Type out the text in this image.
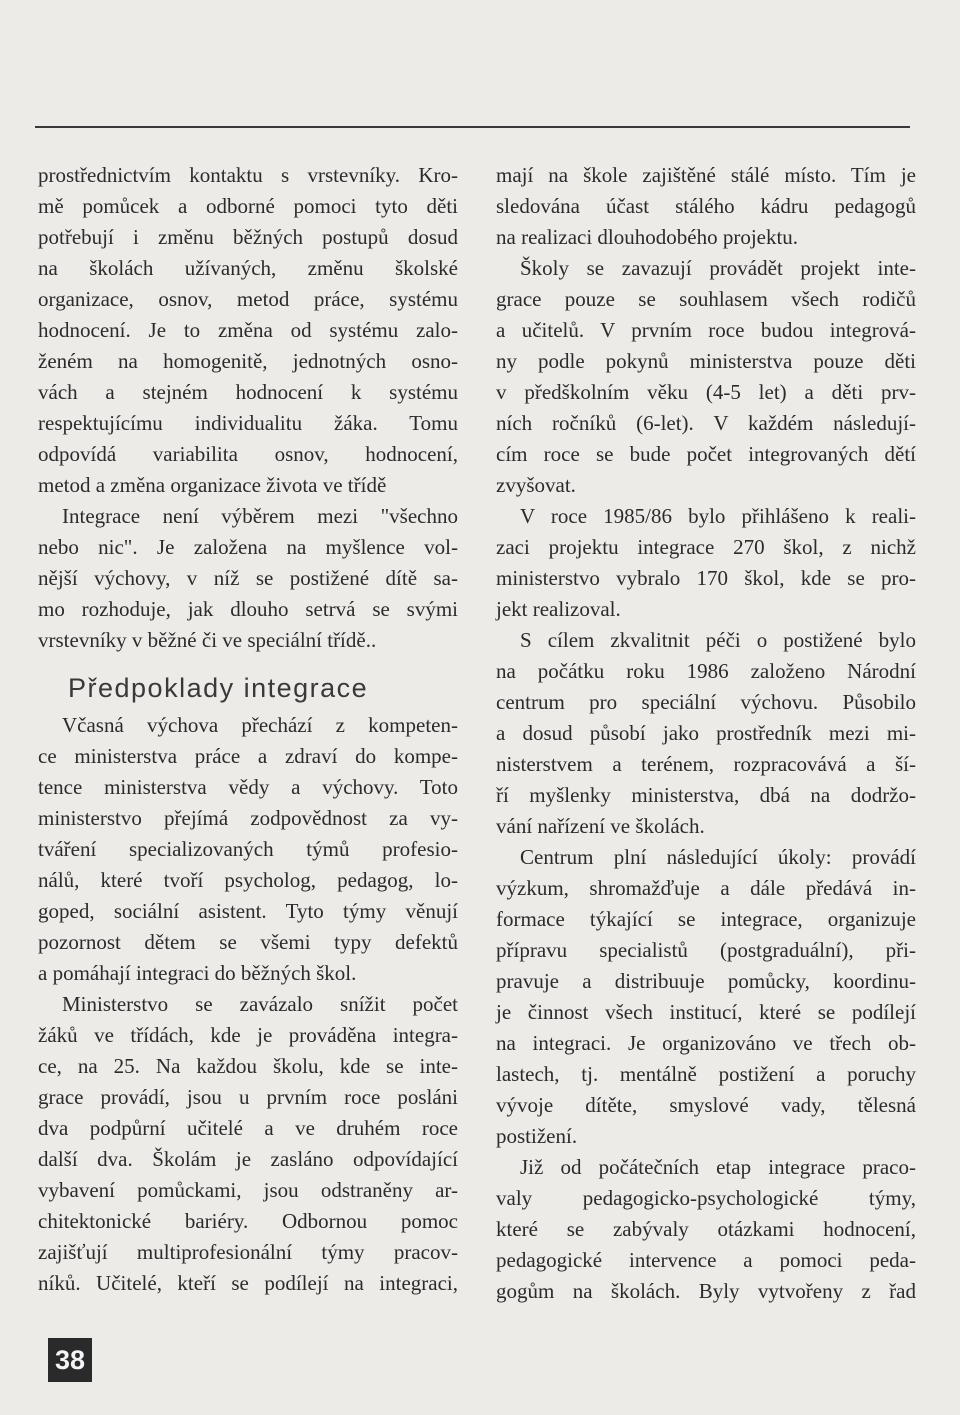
prostřednictvím kontaktu s vrstevníky. Kro-
mě pomůcek a odborné pomoci tyto děti
potřebují i změnu běžných postupů dosud
na školách užívaných, změnu školské
organizace, osnov, metod práce, systému
hodnocení. Je to změna od systému zalo-
ženém na homogenitě, jednotných osno-
vách a stejném hodnocení k systému
respektujícímu individualitu žáka. Tomu
odpovídá variabilita osnov, hodnocení,
metod a změna organizace života ve třídě
Integrace není výběrem mezi "všechno
nebo nic". Je založena na myšlence vol-
nější výchovy, v níž se postižené dítě sa-
mo rozhoduje, jak dlouho setrvá se svými
vrstevníky v běžné či ve speciální třídě..
Předpoklady integrace
Včasná výchova přechází z kompeten-
ce ministerstva práce a zdraví do kompe-
tence ministerstva vědy a výchovy. Toto
ministerstvo přejímá zodpovědnost za vy-
tváření specializovaných týmů profesio-
nálů, které tvoří psycholog, pedagog, lo-
goped, sociální asistent. Tyto týmy věnují
pozornost dětem se všemi typy defektů
a pomáhají integraci do běžných škol.
Ministerstvo se zavázalo snížit počet
žáků ve třídách, kde je prováděna integra-
ce, na 25. Na každou školu, kde se inte-
grace provádí, jsou u prvním roce posláni
dva podpůrní učitelé a ve druhém roce
další dva. Školám je zasláno odpovídající
vybavení pomůckami, jsou odstraněny ar-
chitektonické bariéry. Odbornou pomoc
zajišťují multiprofesionální týmy pracov-
níků. Učitelé, kteří se podílejí na integraci,
mají na škole zajištěné stálé místo. Tím je
sledována účast stálého kádru pedagogů
na realizaci dlouhodobého projektu.
Školy se zavazují provádět projekt inte-
grace pouze se souhlasem všech rodičů
a učitelů. V prvním roce budou integrová-
ny podle pokynů ministerstva pouze děti
v předškolním věku (4-5 let) a děti prv-
ních ročníků (6-let). V každém následují-
cím roce se bude počet integrovaných dětí
zvyšovat.
V roce 1985/86 bylo přihlášeno k reali-
zaci projektu integrace 270 škol, z nichž
ministerstvo vybralo 170 škol, kde se pro-
jekt realizoval.
S cílem zkvalitnit péči o postižené bylo
na počátku roku 1986 založeno Národní
centrum pro speciální výchovu. Působilo
a dosud působí jako prostředník mezi mi-
nisterstvem a terénem, rozpracovává a ší-
ří myšlenky ministerstva, dbá na dodržo-
vání nařízení ve školách.
Centrum plní následující úkoly: provádí
výzkum, shromažďuje a dále předává in-
formace týkající se integrace, organizuje
přípravu specialistů (postgraduální), při-
pravuje a distribuuje pomůcky, koordinu-
je činnost všech institucí, které se podílejí
na integraci. Je organizováno ve třech ob-
lastech, tj. mentálně postižení a poruchy
vývoje dítěte, smyslové vady, tělesná
postižení.
Již od počátečních etap integrace praco-
valy pedagogicko-psychologické týmy,
které se zabývaly otázkami hodnocení,
pedagogické intervence a pomoci peda-
gogům na školách. Byly vytvořeny z řad
38
